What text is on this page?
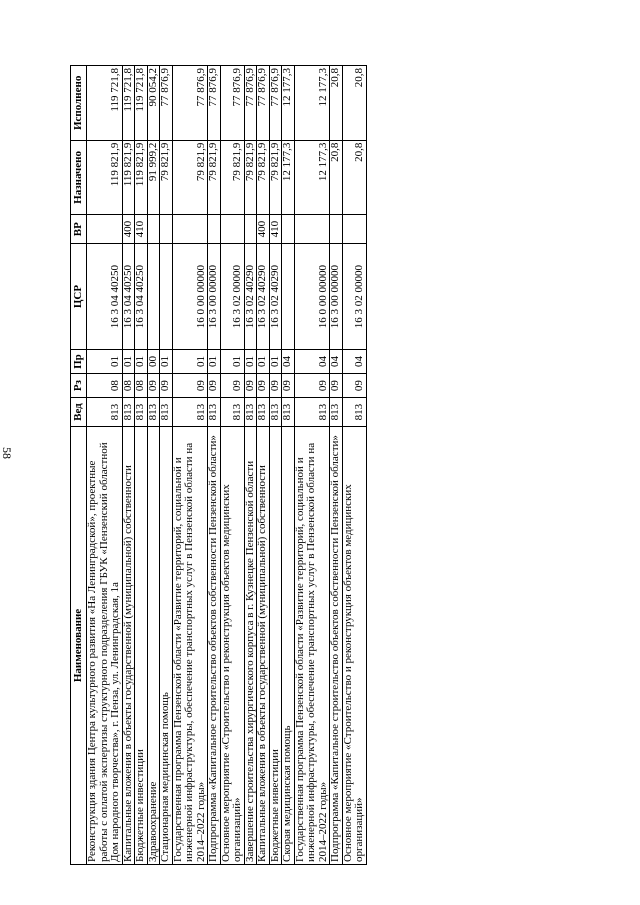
58
Наименование	Вед	Рз	Пр	ЦСР	ВР	Назначено	Исполнено
Реконструкция здания Центра культурного развития «На Ленинградской», проектные работы с оплатой экспертизы структурного подразделения ГБУК «Пензенский областной Дом народного творчества», г. Пенза, ул. Ленинградская, 1а	813	08	01	16 3 04 40250		119 821,9	119 721,8
Капитальные вложения в объекты государственной (муниципальной) собственности	813	08	01	16 3 04 40250	400	119 821,9	119 721,8
Бюджетные инвестиции	813	08	01	16 3 04 40250	410	119 821,9	119 721,8
Здравоохранение	813	09	00			91 999,2	90 054,2
Стационарная медицинская помощь	813	09	01			79 821,9	77 876,9
Государственная программа Пензенской области «Развитие территорий, социальной и инженерной инфраструктуры, обеспечение транспортных услуг в Пензенской области на 2014–2022 годы»	813	09	01	16 0 00 00000		79 821,9	77 876,9
Подпрограмма «Капитальное строительство объектов собственности Пензенской области»	813	09	01	16 3 00 00000		79 821,9	77 876,9
Основное мероприятие «Строительство и реконструкция объектов медицинских организаций»	813	09	01	16 3 02 00000		79 821,9	77 876,9
Завершение строительства хирургического корпуса в г. Кузнецке Пензенской области	813	09	01	16 3 02 40290		79 821,9	77 876,9
Капитальные вложения в объекты государственной (муниципальной) собственности	813	09	01	16 3 02 40290	400	79 821,9	77 876,9
Бюджетные инвестиции	813	09	01	16 3 02 40290	410	79 821,9	77 876,9
Скорая медицинская помощь	813	09	04			12 177,3	12 177,3
Государственная программа Пензенской области «Развитие территорий, социальной и инженерной инфраструктуры, обеспечение транспортных услуг в Пензенской области на 2014–2022 годы»	813	09	04	16 0 00 00000		12 177,3	12 177,3
Подпрограмма «Капитальное строительство объектов собственности Пензенской области»	813	09	04	16 3 00 00000		20,8	20,8
Основное мероприятие «Строительство и реконструкция объектов медицинских организаций»	813	09	04	16 3 02 00000		20,8	20,8
